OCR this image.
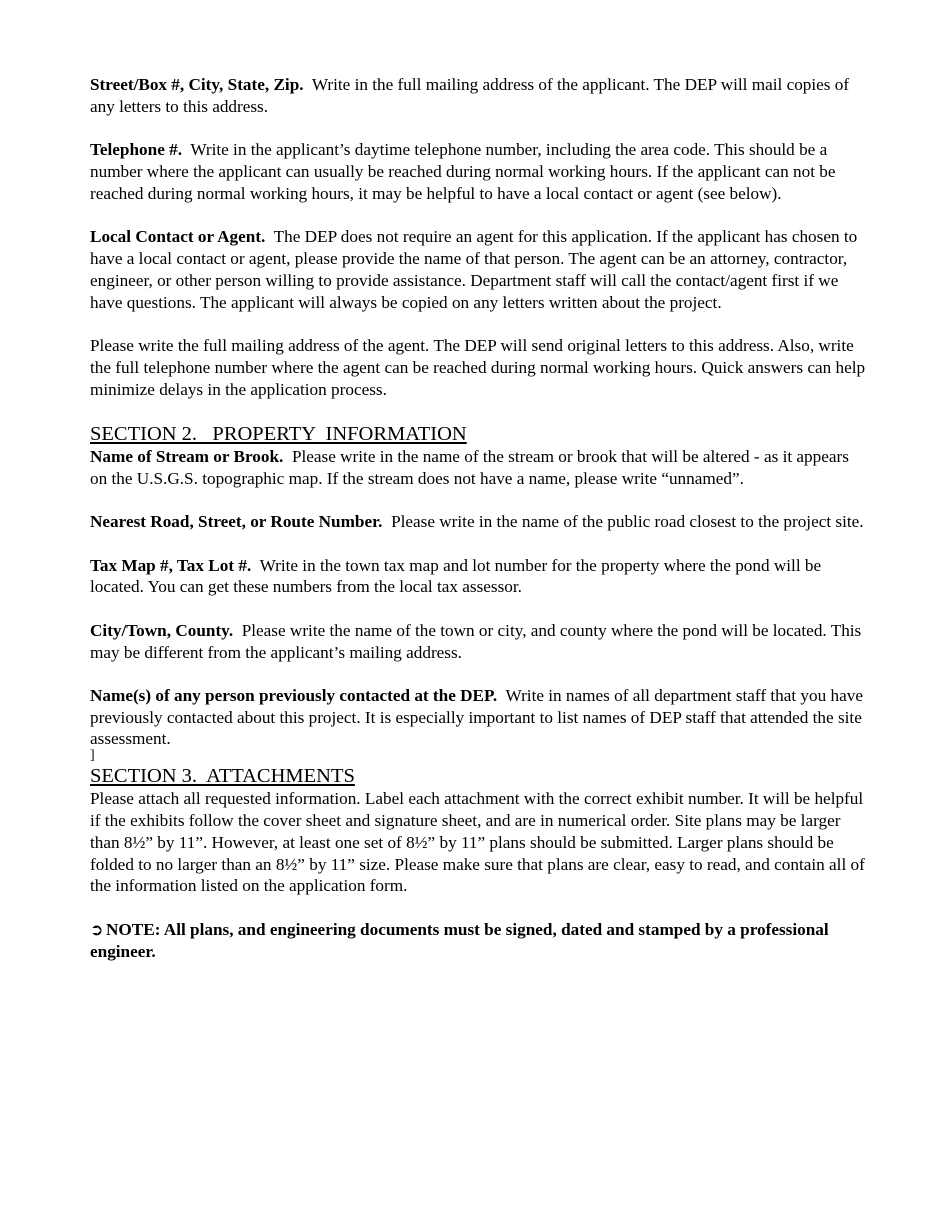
Street/Box #, City, State, Zip. Write in the full mailing address of the applicant. The DEP will mail copies of any letters to this address.

Telephone #. Write in the applicant’s daytime telephone number, including the area code. This should be a number where the applicant can usually be reached during normal working hours. If the applicant can not be reached during normal working hours, it may be helpful to have a local contact or agent (see below).

Local Contact or Agent. The DEP does not require an agent for this application. If the applicant has chosen to have a local contact or agent, please provide the name of that person. The agent can be an attorney, contractor, engineer, or other person willing to provide assistance. Department staff will call the contact/agent first if we have questions. The applicant will always be copied on any letters written about the project.

Please write the full mailing address of the agent. The DEP will send original letters to this address. Also, write the full telephone number where the agent can be reached during normal working hours. Quick answers can help minimize delays in the application process.

SECTION 2.   PROPERTY  INFORMATION

Name of Stream or Brook. Please write in the name of the stream or brook that will be altered - as it appears on the U.S.G.S. topographic map. If the stream does not have a name, please write “unnamed”.

Nearest Road, Street, or Route Number. Please write in the name of the public road closest to the project site.

Tax Map #, Tax Lot #. Write in the town tax map and lot number for the property where the pond will be located. You can get these numbers from the local tax assessor.

City/Town, County. Please write the name of the town or city, and county where the pond will be located. This may be different from the applicant’s mailing address.

Name(s) of any person previously contacted at the DEP. Write in names of all department staff that you have previously contacted about this project. It is especially important to list names of DEP staff that attended the site assessment.

]
SECTION 3.  ATTACHMENTS

Please attach all requested information. Label each attachment with the correct exhibit number. It will be helpful if the exhibits follow the cover sheet and signature sheet, and are in numerical order. Site plans may be larger than 8½” by 11”. However, at least one set of 8½” by 11” plans should be submitted. Larger plans should be folded to no larger than an 8½” by 11” size. Please make sure that plans are clear, easy to read, and contain all of the information listed on the application form.

➲ NOTE: All plans, and engineering documents must be signed, dated and stamped by a professional engineer.
